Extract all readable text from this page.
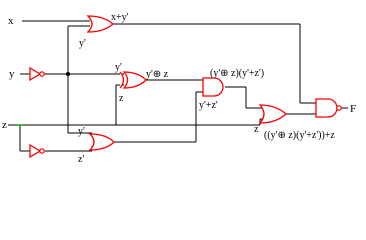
x
y
z
x+y'
y'
y'
z
y'⊕ z	(y'⊕ z)(y'+z')
y'+z'
y'
z'
z
((y'⊕ z)(y'+z'))+z
F
